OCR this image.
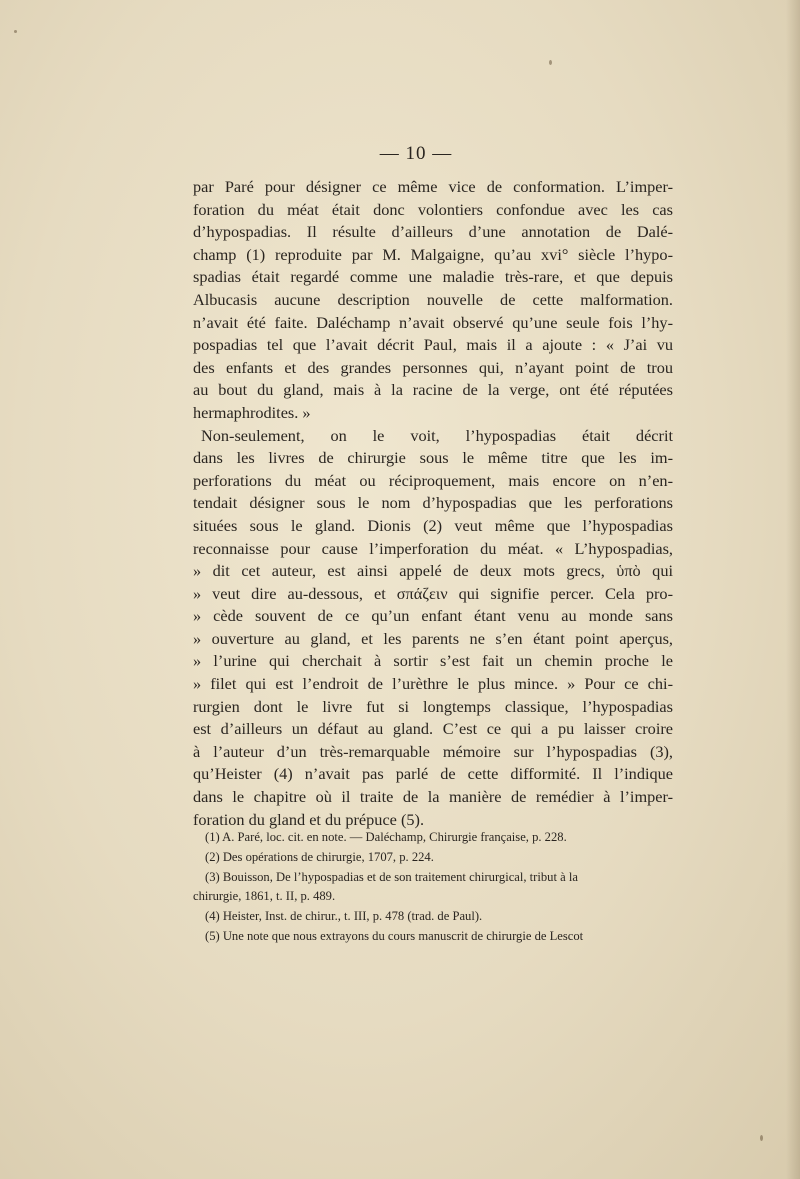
— 10 —
par Paré pour désigner ce même vice de conformation. L’imper-
foration du méat était donc volontiers confondue avec les cas
d’hypospadias. Il résulte d’ailleurs d’une annotation de Dalé-
champ (1) reproduite par M. Malgaigne, qu’au xvi° siècle l’hypo-
spadias était regardé comme une maladie très-rare, et que depuis
Albucasis aucune description nouvelle de cette malformation.
n’avait été faite. Daléchamp n’avait observé qu’une seule fois l’hy-
pospadias tel que l’avait décrit Paul, mais il a ajoute : « J’ai vu
des enfants et des grandes personnes qui, n’ayant point de trou
au bout du gland, mais à la racine de la verge, ont été réputées
hermaphrodites. »
Non-seulement, on le voit, l’hypospadias était décrit
dans les livres de chirurgie sous le même titre que les im-
perforations du méat ou réciproquement, mais encore on n’en-
tendait désigner sous le nom d’hypospadias que les perforations
situées sous le gland. Dionis (2) veut même que l’hypospadias
reconnaisse pour cause l’imperforation du méat. « L’hypospadias,
» dit cet auteur, est ainsi appelé de deux mots grecs, ὑπὸ qui
» veut dire au-dessous, et σπάζειν qui signifie percer. Cela pro-
» cède souvent de ce qu’un enfant étant venu au monde sans
» ouverture au gland, et les parents ne s’en étant point aperçus,
» l’urine qui cherchait à sortir s’est fait un chemin proche le
» filet qui est l’endroit de l’urèthre le plus mince. » Pour ce chi-
rurgien dont le livre fut si longtemps classique, l’hypospadias
est d’ailleurs un défaut au gland. C’est ce qui a pu laisser croire
à l’auteur d’un très-remarquable mémoire sur l’hypospadias (3),
qu’Heister (4) n’avait pas parlé de cette difformité. Il l’indique
dans le chapitre où il traite de la manière de remédier à l’imper-
foration du gland et du prépuce (5).
(1) A. Paré, loc. cit. en note. — Daléchamp, Chirurgie française, p. 228.
(2) Des opérations de chirurgie, 1707, p. 224.
(3) Bouisson, De l’hypospadias et de son traitement chirurgical, tribut à la
chirurgie, 1861, t. II, p. 489.
(4) Heister, Inst. de chirur., t. III, p. 478 (trad. de Paul).
(5) Une note que nous extrayons du cours manuscrit de chirurgie de Lescot
